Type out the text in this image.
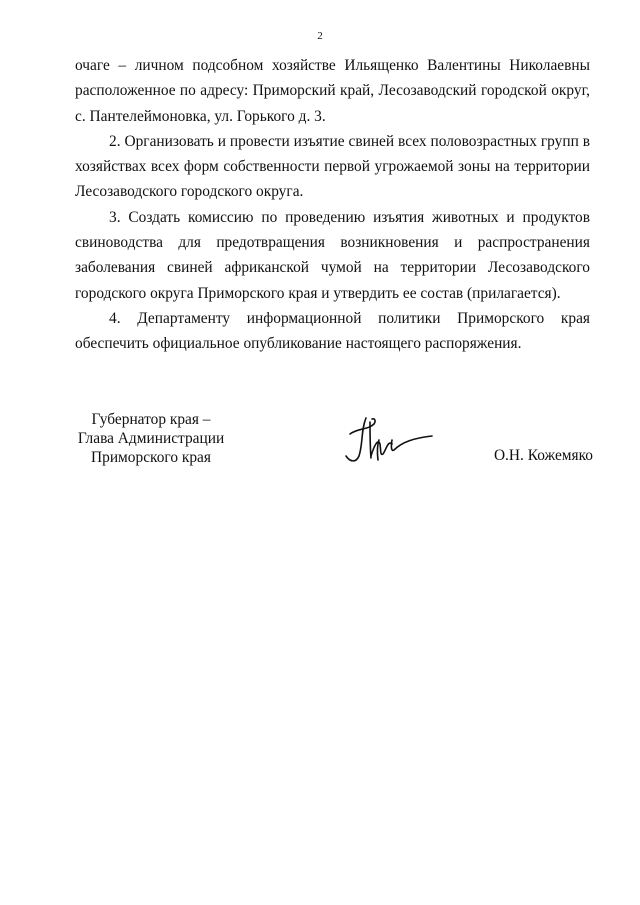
2

очаге – личном подсобном хозяйстве Ильященко Валентины Николаевны
расположенное по адресу: Приморский край, Лесозаводский городской округ,
с. Пантелеймоновка, ул. Горького д. 3.

2. Организовать и провести изъятие свиней всех половозрастных групп в
хозяйствах всех форм собственности первой угрожаемой зоны на территории
Лесозаводского городского округа.

3. Создать комиссию по проведению изъятия животных и продуктов
свиноводства для предотвращения возникновения и распространения
заболевания свиней африканской чумой на территории Лесозаводского
городского округа Приморского края и утвердить ее состав (прилагается).

4. Департаменту информационной политики Приморского края
обеспечить официальное опубликование настоящего распоряжения.

Губернатор края –
Глава Администрации
Приморского края	О.Н. Кожемяко
